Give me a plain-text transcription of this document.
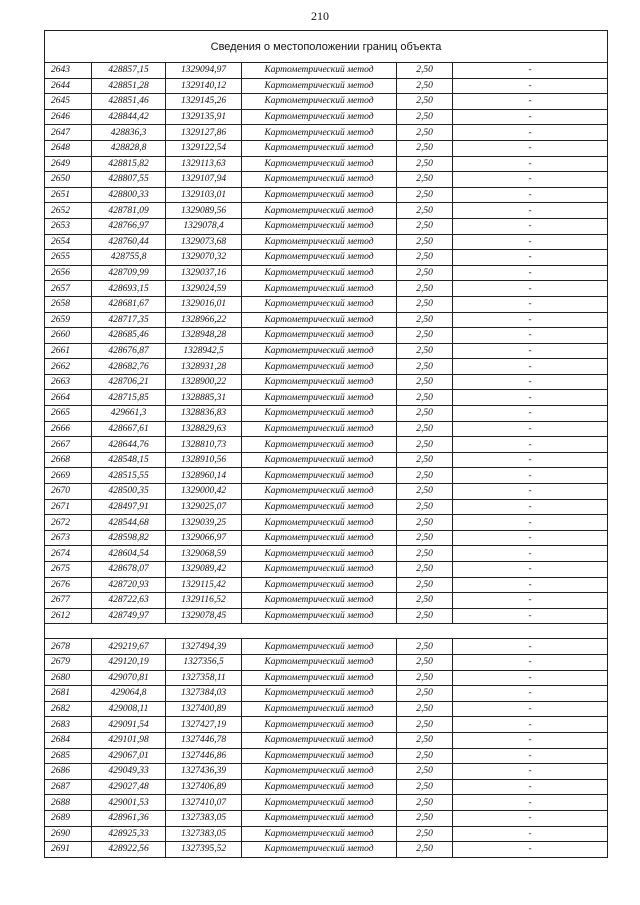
210
Сведения о местоположении границ объекта					
2643	428857,15	1329094,97	Картометрический метод	2,50	-
2644	428851,28	1329140,12	Картометрический метод	2,50	-
2645	428851,46	1329145,26	Картометрический метод	2,50	-
2646	428844,42	1329135,91	Картометрический метод	2,50	-
2647	428836,3	1329127,86	Картометрический метод	2,50	-
2648	428828,8	1329122,54	Картометрический метод	2,50	-
2649	428815,82	1329113,63	Картометрический метод	2,50	-
2650	428807,55	1329107,94	Картометрический метод	2,50	-
2651	428800,33	1329103,01	Картометрический метод	2,50	-
2652	428781,09	1329089,56	Картометрический метод	2,50	-
2653	428766,97	1329078,4	Картометрический метод	2,50	-
2654	428760,44	1329073,68	Картометрический метод	2,50	-
2655	428755,8	1329070,32	Картометрический метод	2,50	-
2656	428709,99	1329037,16	Картометрический метод	2,50	-
2657	428693,15	1329024,59	Картометрический метод	2,50	-
2658	428681,67	1329016,01	Картометрический метод	2,50	-
2659	428717,35	1328966,22	Картометрический метод	2,50	-
2660	428685,46	1328948,28	Картометрический метод	2,50	-
2661	428676,87	1328942,5	Картометрический метод	2,50	-
2662	428682,76	1328931,28	Картометрический метод	2,50	-
2663	428706,21	1328900,22	Картометрический метод	2,50	-
2664	428715,85	1328885,31	Картометрический метод	2,50	-
2665	429661,3	1328836,83	Картометрический метод	2,50	-
2666	428667,61	1328829,63	Картометрический метод	2,50	-
2667	428644,76	1328810,73	Картометрический метод	2,50	-
2668	428548,15	1328910,56	Картометрический метод	2,50	-
2669	428515,55	1328960,14	Картометрический метод	2,50	-
2670	428500,35	1329000,42	Картометрический метод	2,50	-
2671	428497,91	1329025,07	Картометрический метод	2,50	-
2672	428544,68	1329039,25	Картометрический метод	2,50	-
2673	428598,82	1329066,97	Картометрический метод	2,50	-
2674	428604,54	1329068,59	Картометрический метод	2,50	-
2675	428678,07	1329089,42	Картометрический метод	2,50	-
2676	428720,93	1329115,42	Картометрический метод	2,50	-
2677	428722,63	1329116,52	Картометрический метод	2,50	-
2612	428749,97	1329078,45	Картометрический метод	2,50	-

2678	429219,67	1327494,39	Картометрический метод	2,50	-
2679	429120,19	1327356,5	Картометрический метод	2,50	-
2680	429070,81	1327358,11	Картометрический метод	2,50	-
2681	429064,8	1327384,03	Картометрический метод	2,50	-
2682	429008,11	1327400,89	Картометрический метод	2,50	-
2683	429091,54	1327427,19	Картометрический метод	2,50	-
2684	429101,98	1327446,78	Картометрический метод	2,50	-
2685	429067,01	1327446,86	Картометрический метод	2,50	-
2686	429049,33	1327436,39	Картометрический метод	2,50	-
2687	429027,48	1327406,89	Картометрический метод	2,50	-
2688	429001,53	1327410,07	Картометрический метод	2,50	-
2689	428961,36	1327383,05	Картометрический метод	2,50	-
2690	428925,33	1327383,05	Картометрический метод	2,50	-
2691	428922,56	1327395,52	Картометрический метод	2,50	-
